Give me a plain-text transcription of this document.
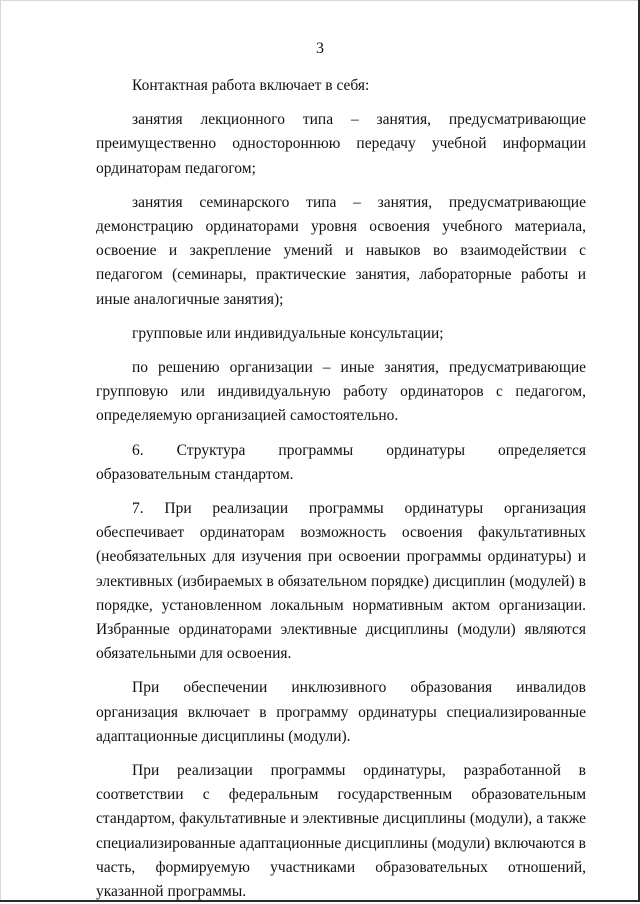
3

Контактная работа включает в себя:

занятия лекционного типа – занятия, предусматривающие преимущественно одностороннюю передачу учебной информации ординаторам педагогом;

занятия семинарского типа – занятия, предусматривающие демонстрацию ординаторами уровня освоения учебного материала, освоение и закрепление умений и навыков во взаимодействии с педагогом (семинары, практические занятия, лабораторные работы и иные аналогичные занятия);

групповые или индивидуальные консультации;

по решению организации – иные занятия, предусматривающие групповую или индивидуальную работу ординаторов с педагогом, определяемую организацией самостоятельно.

6. Структура программы ординатуры определяется образовательным стандартом.

7. При реализации программы ординатуры организация обеспечивает ординаторам возможность освоения факультативных (необязательных для изучения при освоении программы ординатуры) и элективных (избираемых в обязательном порядке) дисциплин (модулей) в порядке, установленном локальным нормативным актом организации. Избранные ординаторами элективные дисциплины (модули) являются обязательными для освоения.

При обеспечении инклюзивного образования инвалидов организация включает в программу ординатуры специализированные адаптационные дисциплины (модули).

При реализации программы ординатуры, разработанной в соответствии с федеральным государственным образовательным стандартом, факультативные и элективные дисциплины (модули), а также специализированные адаптационные дисциплины (модули) включаются в часть, формируемую участниками образовательных отношений, указанной программы.
